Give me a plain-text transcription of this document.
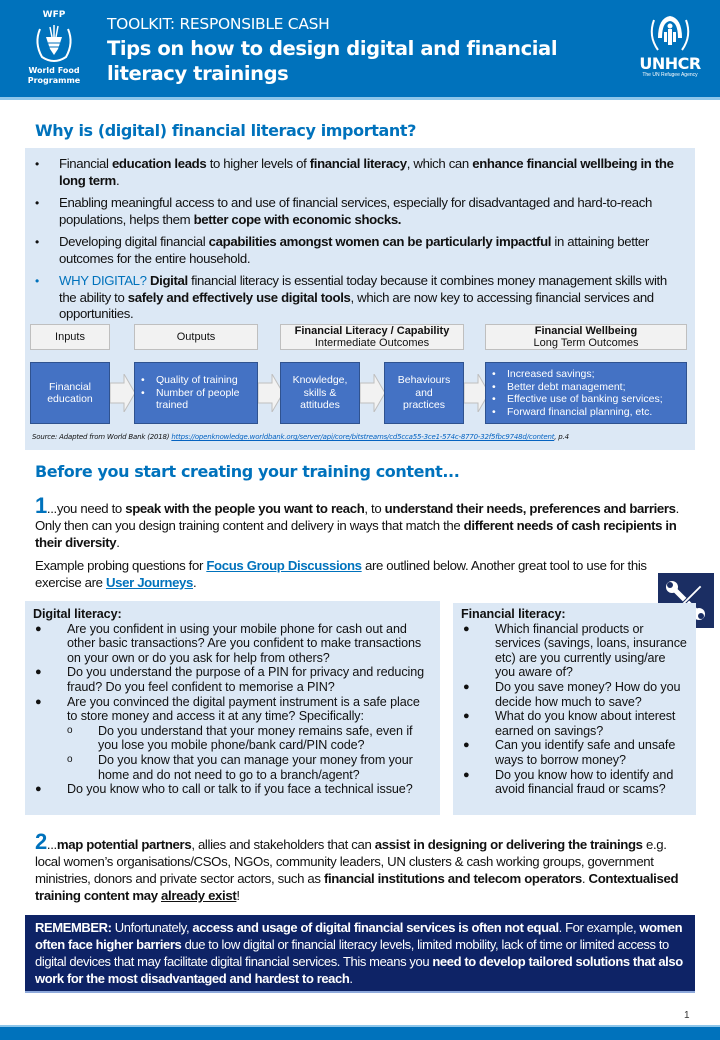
WFP
World Food
Programme
TOOLKIT: RESPONSIBLE CASH
Tips on how to design digital and financial
literacy trainings	UNHCR
The UN Refugee Agency
Why is (digital) financial literacy important?
• Financial education leads to higher levels of financial literacy, which can enhance financial wellbeing in the long term.
• Enabling meaningful access to and use of financial services, especially for disadvantaged and hard-to-reach populations, helps them better cope with economic shocks.
• Developing digital financial capabilities amongst women can be particularly impactful in attaining better outcomes for the entire household.
• WHY DIGITAL? Digital financial literacy is essential today because it combines money management skills with the ability to safely and effectively use digital tools, which are now key to accessing financial services and opportunities.
Inputs	Outputs
Financial Literacy / Capability
Intermediate Outcomes
Financial Wellbeing
Long Term Outcomes
Financial education
• Quality of training
• Number of people trained
Knowledge, skills & attitudes
Behaviours and practices
• Increased savings;
• Better debt management;
• Effective use of banking services;
• Forward financial planning, etc.
Source: Adapted from World Bank (2018) https://openknowledge.worldbank.org/server/api/core/bitstreams/cd5cca55-3ce1-574c-8770-32f5fbc9748d/content, p.4
Before you start creating your training content...
1...you need to speak with the people you want to reach, to understand their needs, preferences and barriers. Only then can you design training content and delivery in ways that match the different needs of cash recipients in their diversity.
Example probing questions for Focus Group Discussions are outlined below. Another great tool to use for this exercise are User Journeys.
Digital literacy:
● Are you confident in using your mobile phone for cash out and other basic transactions? Are you confident to make transactions on your own or do you ask for help from others?
● Do you understand the purpose of a PIN for privacy and reducing fraud? Do you feel confident to memorise a PIN?
● Are you convinced the digital payment instrument is a safe place to store money and access it at any time? Specifically:
o Do you understand that your money remains safe, even if you lose you mobile phone/bank card/PIN code?
o Do you know that you can manage your money from your home and do not need to go to a branch/agent?
● Do you know who to call or talk to if you face a technical issue?
Financial literacy:
● Which financial products or services (savings, loans, insurance etc) are you currently using/are you aware of?
● Do you save money? How do you decide how much to save?
● What do you know about interest earned on savings?
● Can you identify safe and unsafe ways to borrow money?
● Do you know how to identify and avoid financial fraud or scams?
2...map potential partners, allies and stakeholders that can assist in designing or delivering the trainings e.g. local women’s organisations/CSOs, NGOs, community leaders, UN clusters & cash working groups, government ministries, donors and private sector actors, such as financial institutions and telecom operators. Contextualised training content may already exist!
REMEMBER: Unfortunately, access and usage of digital financial services is often not equal. For example, women often face higher barriers due to low digital or financial literacy levels, limited mobility, lack of time or limited access to digital devices that may facilitate digital financial services. This means you need to develop tailored solutions that also work for the most disadvantaged and hardest to reach.
1
